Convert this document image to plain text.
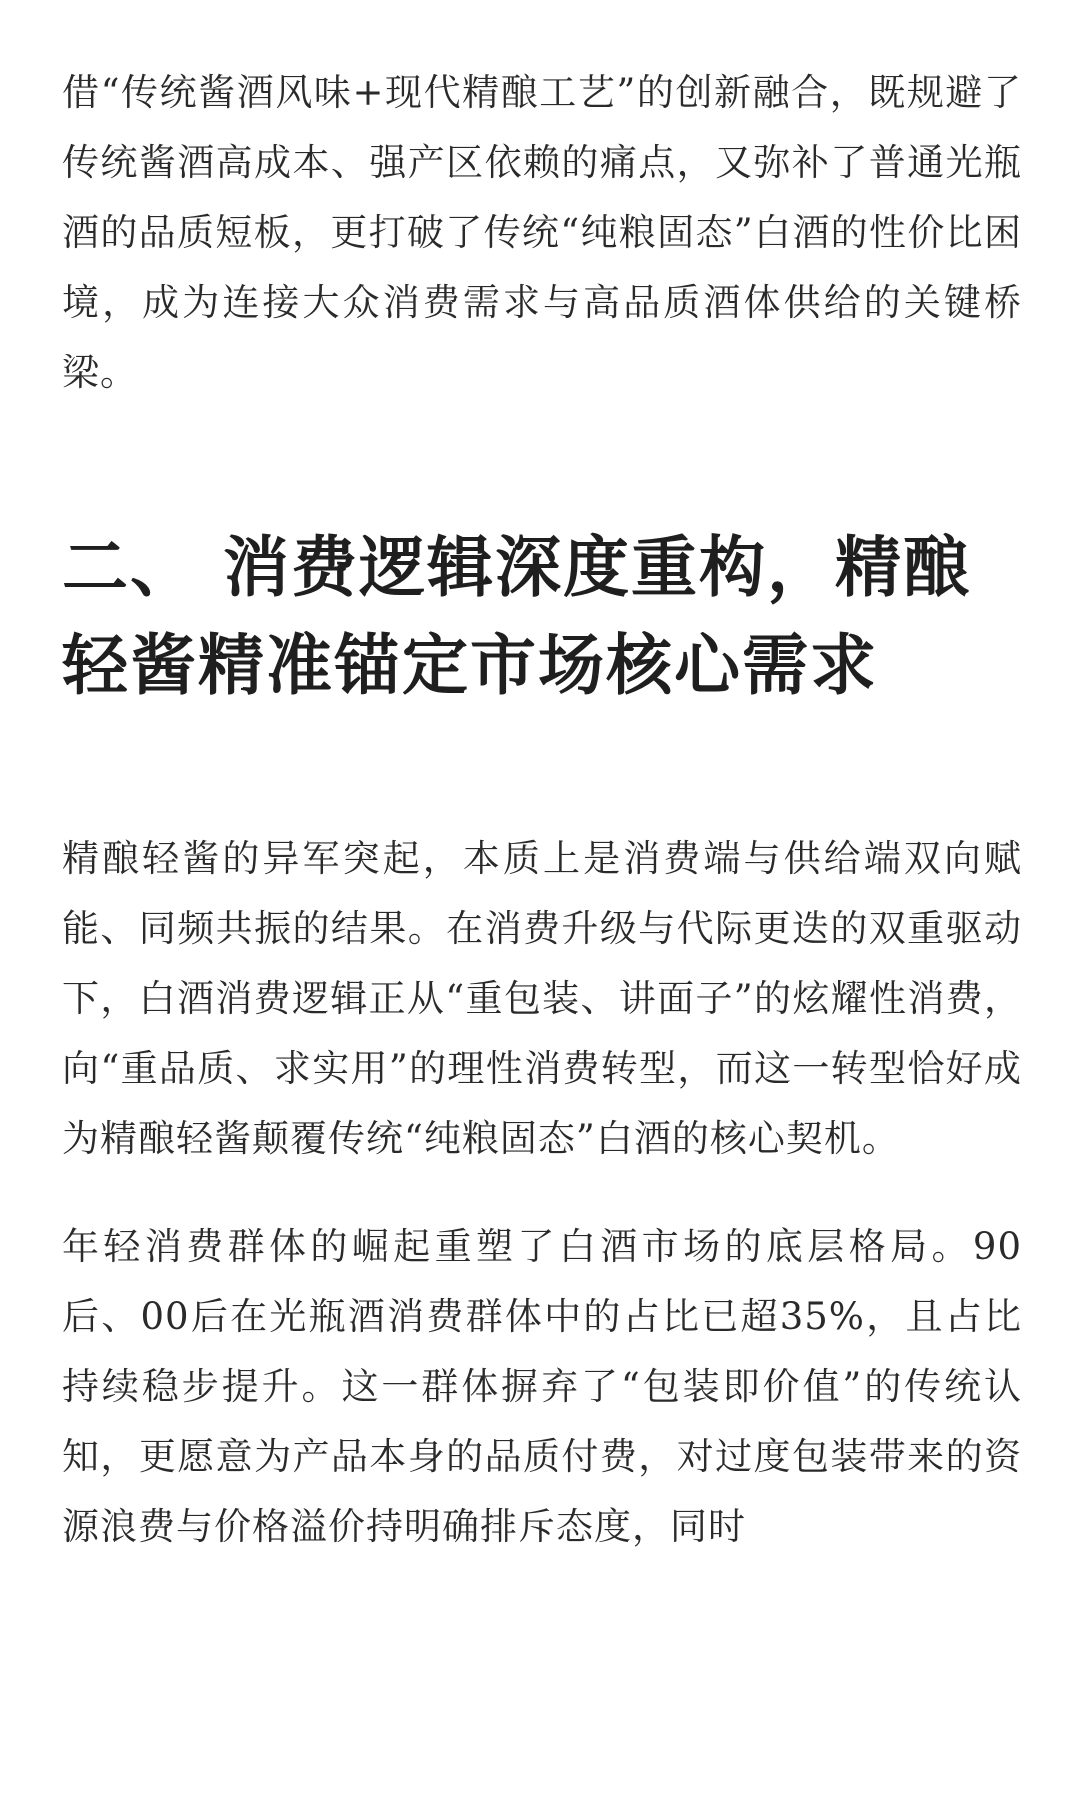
借“传统酱酒风味+现代精酿工艺”的创新融合，既规避了传统酱酒高成本、强产区依赖的痛点，又弥补了普通光瓶酒的品质短板，更打破了传统“纯粮固态”白酒的性价比困境，成为连接大众消费需求与高品质酒体供给的关键桥梁。

二、 消费逻辑深度重构，精酿轻酱精准锚定市场核心需求

精酿轻酱的异军突起，本质上是消费端与供给端双向赋能、同频共振的结果。在消费升级与代际更迭的双重驱动下，白酒消费逻辑正从“重包装、讲面子”的炫耀性消费，向“重品质、求实用”的理性消费转型，而这一转型恰好成为精酿轻酱颠覆传统“纯粮固态”白酒的核心契机。

年轻消费群体的崛起重塑了白酒市场的底层格局。90后、00后在光瓶酒消费群体中的占比已超35%，且占比持续稳步提升。这一群体摒弃了“包装即价值”的传统认知，更愿意为产品本身的品质付费，对过度包装带来的资源浪费与价格溢价持明确排斥态度，同时
